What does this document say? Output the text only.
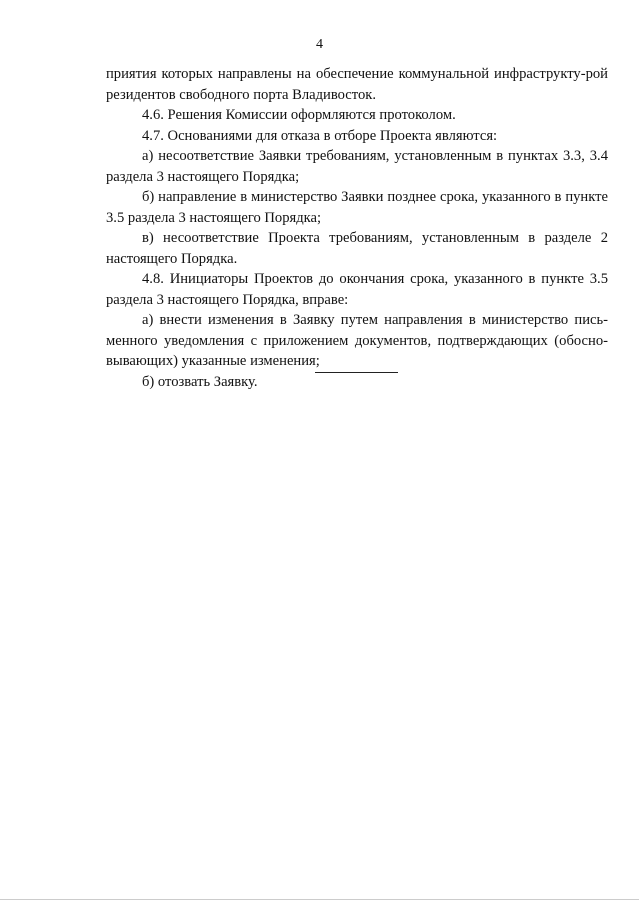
4

приятия которых направлены на обеспечение коммунальной инфраструкту-рой резидентов свободного порта Владивосток.

4.6. Решения Комиссии оформляются протоколом.

4.7. Основаниями для отказа в отборе Проекта являются:

а) несоответствие Заявки требованиям, установленным в пунктах 3.3, 3.4 раздела 3 настоящего Порядка;

б) направление в министерство Заявки позднее срока, указанного в пункте 3.5 раздела 3 настоящего Порядка;

в) несоответствие Проекта требованиям, установленным в разделе 2 настоящего Порядка.

4.8. Инициаторы Проектов до окончания срока, указанного в пункте 3.5 раздела 3 настоящего Порядка, вправе:

а) внести изменения в Заявку путем направления в министерство пись-менного уведомления с приложением документов, подтверждающих (обосно-вывающих) указанные изменения;

б) отозвать Заявку.
